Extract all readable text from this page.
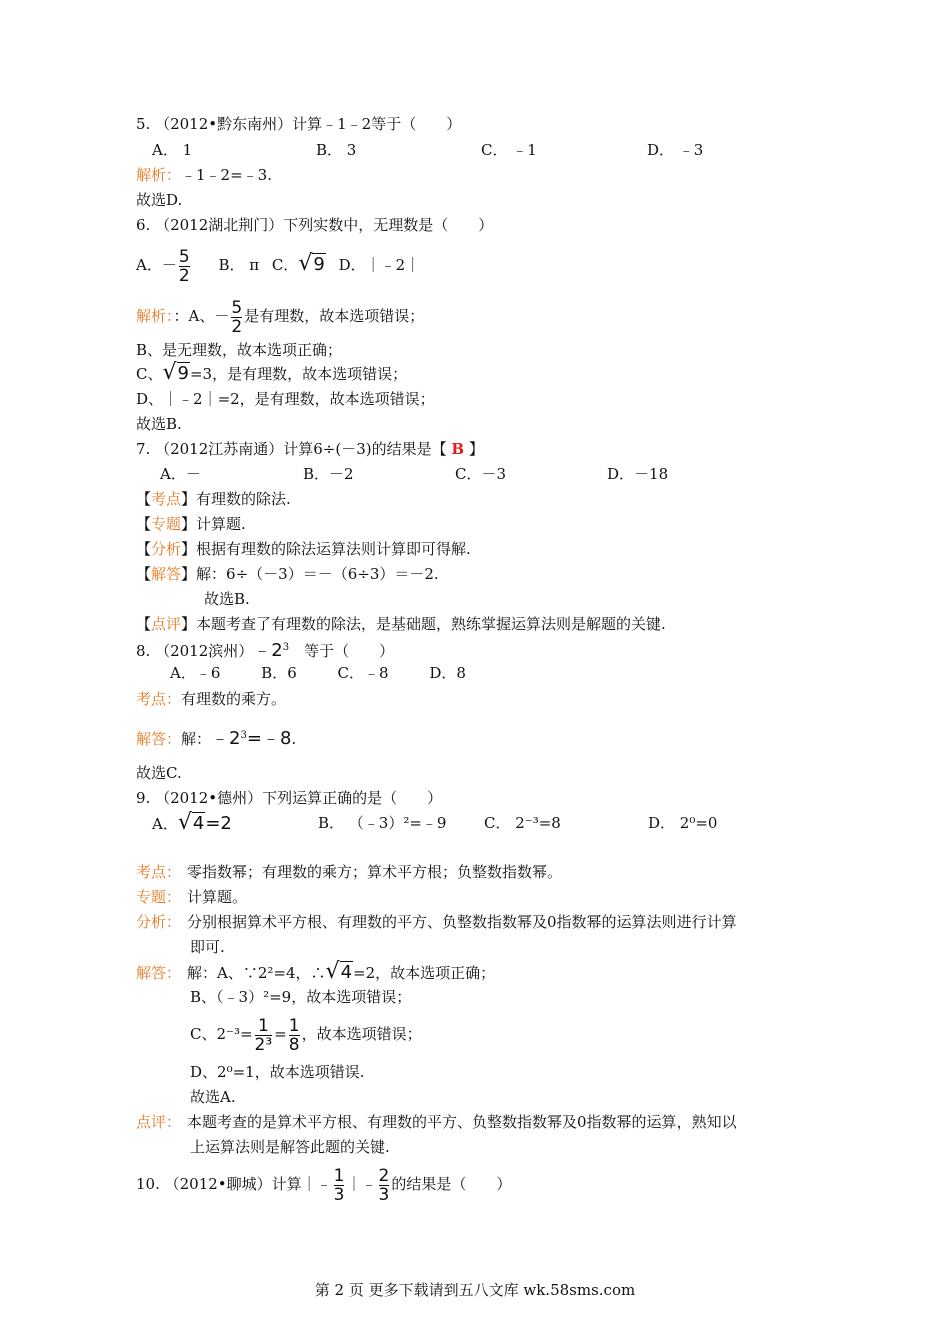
5. （2012•黔东南州）计算﹣1﹣2等于（　　）
A． 1	B． 3	C． ﹣1	D． ﹣3
解析：﹣1﹣2=﹣3.
故选D.
6. （2012湖北荆门）下列实数中，无理数是（　　）
A．－ $\frac{5}{2}$ B． π C．√9 D．｜﹣2｜
解析：：A、－ $\frac{5}{2}$ 是有理数，故本选项错误；
B、是无理数，故本选项正确；
C、√9=3，是有理数，故本选项错误；
D、｜﹣2｜=2，是有理数，故本选项错误；
故选B.
7. （2012江苏南通）计算6÷(－3)的结果是【 B 】
A．－	B．－2	C．－3	D．－18
【考点】有理数的除法.
【专题】计算题.
【分析】根据有理数的除法运算法则计算即可得解.
【解答】解：6÷（－3）＝－（6÷3）＝－2.
故选B.
【点评】本题考查了有理数的除法，是基础题，熟练掌握运算法则是解题的关键.
8. （2012滨州）$﹣2^3$　等于（　　）
A．﹣6	B．6	C．﹣8	D．8
考点：有理数的乘方。
解答：解：$﹣2^3=﹣8$.
故选C.
9. （2012•德州）下列运算正确的是（　　）
A．√4=2	B． （﹣3）²=﹣9	C． 2⁻³=8	D． 2⁰=0
考点： 零指数幂；有理数的乘方；算术平方根；负整数指数幂。
专题： 计算题。
分析： 分别根据算术平方根、有理数的平方、负整数指数幂及0指数幂的运算法则进行计算
即可.
解答： 解：A、∵2²=4，∴√4=2，故本选项正确；
B、（﹣3）²=9，故本选项错误；
C、$2^{-3}= \frac{1}{\text{2³}} = \frac{1}{8}$ ，故本选项错误；
D、2⁰=1，故本选项错误.
故选A.
点评： 本题考查的是算术平方根、有理数的平方、负整数指数幂及0指数幂的运算，熟知以
上运算法则是解答此题的关键.
10. （2012•聊城）计算｜﹣ $\frac{1}{3}$ ｜﹣ $\frac{2}{3}$ 的结果是（　　）
第 2 页 更多下载请到五八文库 wk.58sms.com
